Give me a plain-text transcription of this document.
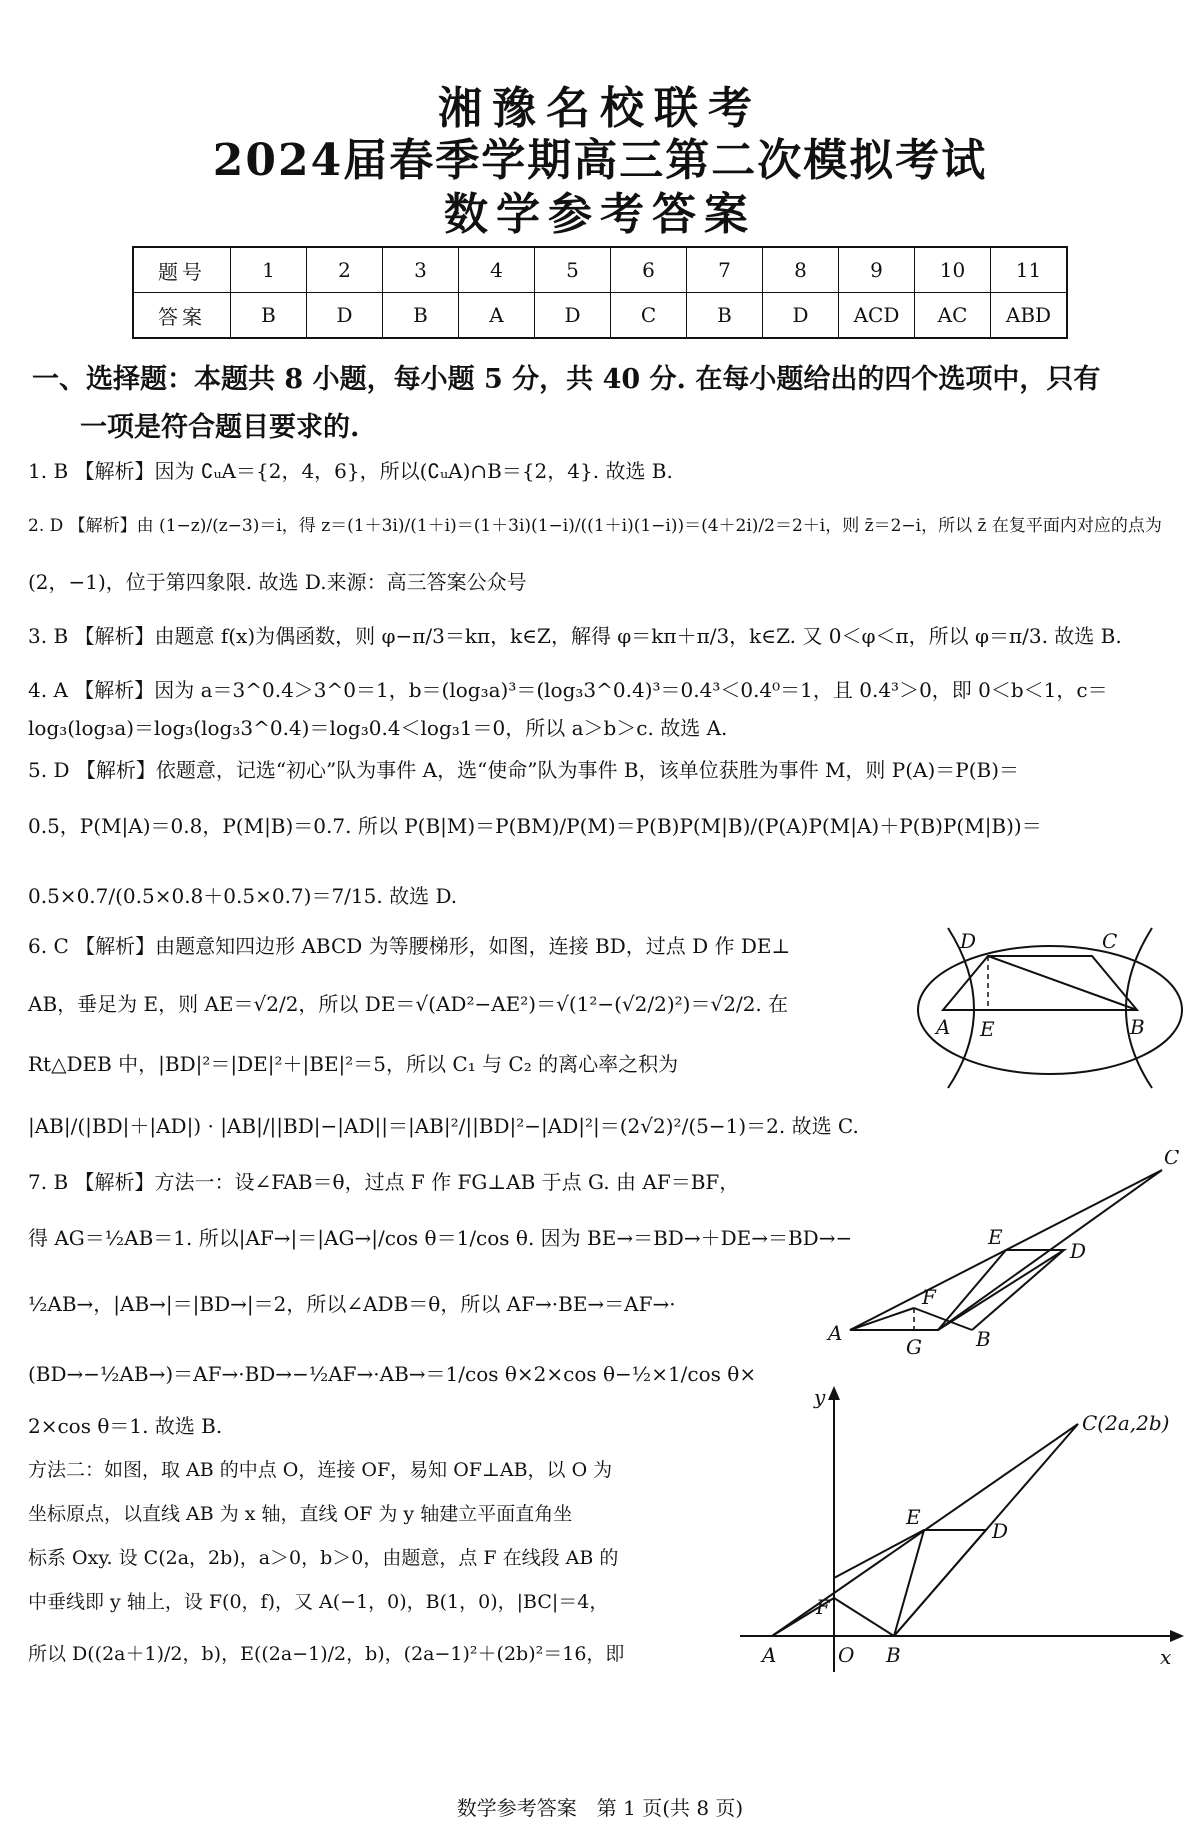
湘豫名校联考
2024届春季学期高三第二次模拟考试
数学参考答案
题号	1	2	3	4	5	6	7	8	9	10	11
答案	B	D	B	A	D	C	B	D	ACD	AC	ABD
一、选择题：本题共 8 小题，每小题 5 分，共 40 分. 在每小题给出的四个选项中，只有
一项是符合题目要求的.
1. B 【解析】因为 ∁ᵤA＝{2，4，6}，所以(∁ᵤA)∩B＝{2，4}. 故选 B.
2. D 【解析】由 (1−z)/(z−3)＝i，得 z＝(1＋3i)/(1＋i)＝(1＋3i)(1−i)/((1＋i)(1−i))＝(4＋2i)/2＝2＋i，则 z̄＝2−i，所以 z̄ 在复平面内对应的点为
(2，−1)，位于第四象限. 故选 D.来源：高三答案公众号
3. B 【解析】由题意 f(x)为偶函数，则 φ−π/3＝kπ，k∈Z，解得 φ＝kπ＋π/3，k∈Z. 又 0＜φ＜π，所以 φ＝π/3. 故选 B.
4. A 【解析】因为 a＝3^0.4＞3^0＝1，b＝(log₃a)³＝(log₃3^0.4)³＝0.4³＜0.4⁰＝1，且 0.4³＞0，即 0＜b＜1，c＝
log₃(log₃a)＝log₃(log₃3^0.4)＝log₃0.4＜log₃1＝0，所以 a＞b＞c. 故选 A.
5. D 【解析】依题意，记选“初心”队为事件 A，选“使命”队为事件 B，该单位获胜为事件 M，则 P(A)＝P(B)＝
0.5，P(M|A)＝0.8，P(M|B)＝0.7. 所以 P(B|M)＝P(BM)/P(M)＝P(B)P(M|B)/(P(A)P(M|A)＋P(B)P(M|B))＝
0.5×0.7/(0.5×0.8＋0.5×0.7)＝7/15. 故选 D.
6. C 【解析】由题意知四边形 ABCD 为等腰梯形，如图，连接 BD，过点 D 作 DE⊥
AB，垂足为 E，则 AE＝√2/2，所以 DE＝√(AD²−AE²)＝√(1²−(√2/2)²)＝√2/2. 在
Rt△DEB 中，|BD|²＝|DE|²＋|BE|²＝5，所以 C₁ 与 C₂ 的离心率之积为
|AB|/(|BD|＋|AD|) · |AB|/||BD|−|AD||＝|AB|²/||BD|²−|AD|²|＝(2√2)²/(5−1)＝2. 故选 C.
7. B 【解析】方法一：设∠FAB＝θ，过点 F 作 FG⊥AB 于点 G. 由 AF＝BF，
得 AG＝½AB＝1. 所以|AF→|＝|AG→|/cos θ＝1/cos θ. 因为 BE→＝BD→＋DE→＝BD→−
½AB→，|AB→|＝|BD→|＝2，所以∠ADB＝θ，所以 AF→·BE→＝AF→·
(BD→−½AB→)＝AF→·BD→−½AF→·AB→＝1/cos θ×2×cos θ−½×1/cos θ×
2×cos θ＝1. 故选 B.
方法二：如图，取 AB 的中点 O，连接 OF，易知 OF⊥AB，以 O 为
坐标原点，以直线 AB 为 x 轴，直线 OF 为 y 轴建立平面直角坐
标系 Oxy. 设 C(2a，2b)，a＞0，b＞0，由题意，点 F 在线段 AB 的
中垂线即 y 轴上，设 F(0，f)，又 A(−1，0)，B(1，0)，|BC|＝4，
所以 D((2a＋1)/2，b)，E((2a−1)/2，b)，(2a−1)²＋(2b)²＝16，即
D	C
A E	B
C
E
D
F
A
G	B
y
C(2a,2b)
E
D
F
A	O B	x
数学参考答案　第 1 页(共 8 页)
